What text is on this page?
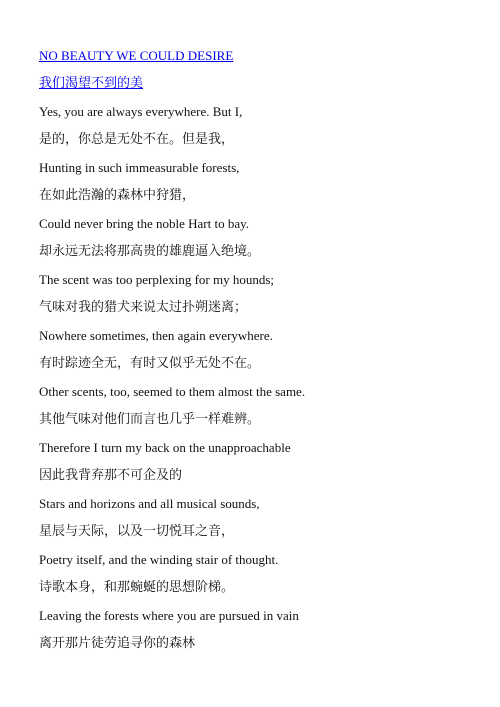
NO BEAUTY WE COULD DESIRE
我们渴望不到的美
Yes, you are always everywhere. But I,
是的，你总是无处不在。但是我，
Hunting in such immeasurable forests,
在如此浩瀚的森林中狩猎，
Could never bring the noble Hart to bay.
却永远无法将那高贵的雄鹿逼入绝境。
The scent was too perplexing for my hounds;
气味对我的猎犬来说太过扑朔迷离；
Nowhere sometimes, then again everywhere.
有时踪迹全无，有时又似乎无处不在。
Other scents, too, seemed to them almost the same.
其他气味对他们而言也几乎一样难辨。
Therefore I turn my back on the unapproachable
因此我背弃那不可企及的
Stars and horizons and all musical sounds,
星辰与天际，以及一切悦耳之音，
Poetry itself, and the winding stair of thought.
诗歌本身，和那蜿蜒的思想阶梯。
Leaving the forests where you are pursued in vain
离开那片徒劳追寻你的森林
